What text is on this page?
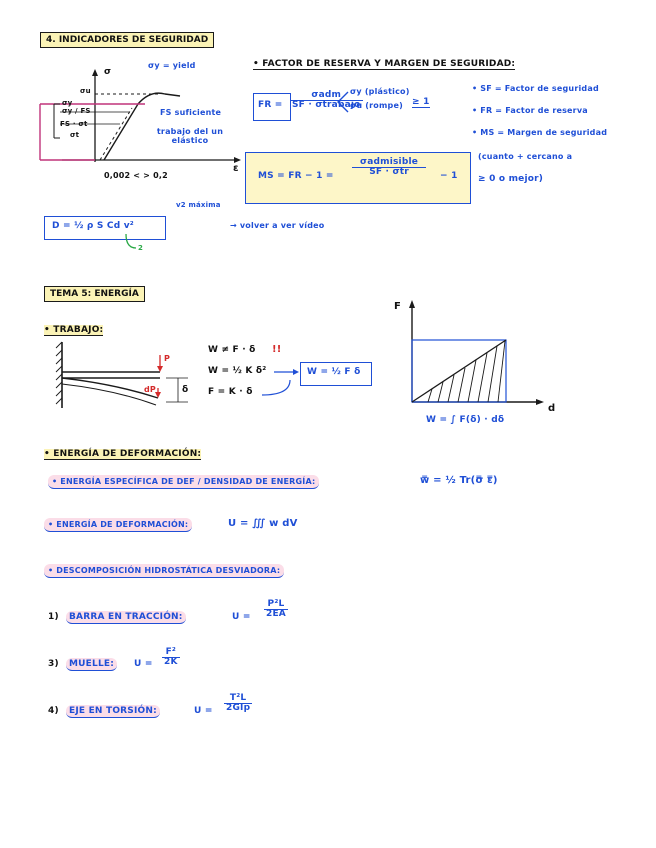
4. INDICADORES DE SEGURIDAD
σy = yield
σ
σu
σy
σy / FS
FS · σt
σt
ε
0,002 < > 0,2
FS suficiente
trabajo del un elástico
• FACTOR DE RESERVA Y MARGEN DE SEGURIDAD:
FR = $\frac{\text{σadm}}{\text{SF · σtrabajo}}$
σy (plástico)
σu (rompe) ≥ 1
MS = FR − $1 = \frac{\text{σadmisible}}{\text{SF · σtr}} - 1$
• SF = Factor de seguridad
• FR = Factor de reserva
• MS = Margen de seguridad
(cuanto + cercano a
≥ 0 o mejor)
D = ½ ρ S Cd v²
v2 máxima
2
→ volver a ver vídeo
TEMA 5: ENERGÍA
• TRABAJO:
P
dP	δ
W ≠ F · δ !!
W = ½ K δ²
F = K · δ
W = ½ F δ
F
d
W = ∫ F(δ) · dδ
• ENERGÍA DE DEFORMACIÓN:
• ENERGÍA ESPECÍFICA DE DEF / DENSIDAD DE ENERGÍA:	w̿ = ½ Tr(σ̿ ε̿)
• ENERGÍA DE DEFORMACIÓN:	U = ∭ w dV
• DESCOMPOSICIÓN HIDROSTÁTICA DESVIADORA:
1)	BARRA EN TRACCIÓN:	$U = \frac{\text{P²L}}{2EA}$
3)	MUELLE:	$U = \frac{\text{F²}}{2K}$
4)	EJE EN TORSIÓN:	$U = \frac{\text{T²L}}{\text{2GIp}}$
